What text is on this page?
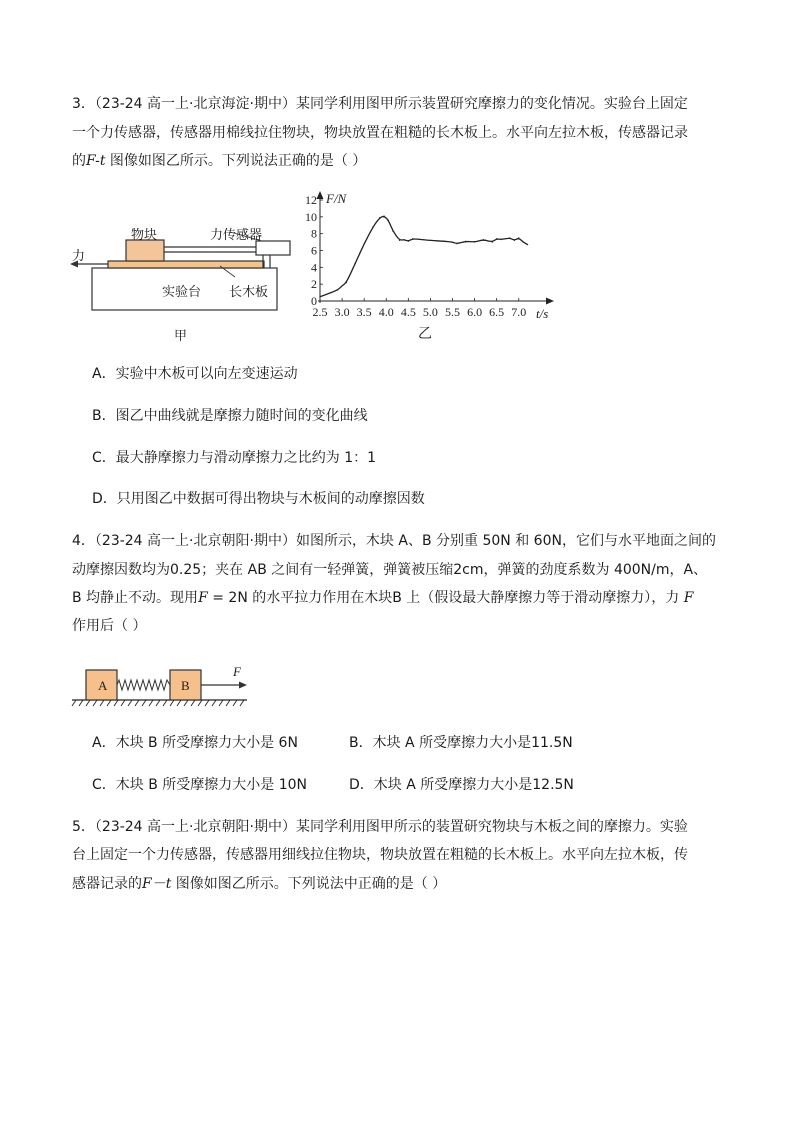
3．（23-24 高一上·北京海淀·期中）某同学利用图甲所示装置研究摩擦力的变化情况。实验台上固定
一个力传感器，传感器用棉线拉住物块，物块放置在粗糙的长木板上。水平向左拉木板，传感器记录
的F-t 图像如图乙所示。下列说法正确的是（ ）
物块	力传感器
力
实验台 长木板
甲
F/N
t/s
2.5 3.0 3.5 4.0 4.5 5.0 5.5 6.0 6.5 7.0
0
2
4
6
8
10
12
乙
A．实验中木板可以向左变速运动
B．图乙中曲线就是摩擦力随时间的变化曲线
C．最大静摩擦力与滑动摩擦力之比约为 1：1
D．只用图乙中数据可得出物块与木板间的动摩擦因数
4．（23-24 高一上·北京朝阳·期中）如图所示，木块 A、B 分别重 50N 和 60N，它们与水平地面之间的
动摩擦因数均为0.25；夹在 AB 之间有一轻弹簧，弹簧被压缩2cm，弹簧的劲度系数为 400N/m，A、
B 均静止不动。现用F = 2N 的水平拉力作用在木块B 上（假设最大静摩擦力等于滑动摩擦力），力 F
作用后（ ）
A	B
F
A．木块 B 所受摩擦力大小是 6N	B．木块 A 所受摩擦力大小是11.5N
C．木块 B 所受摩擦力大小是 10N	D．木块 A 所受摩擦力大小是12.5N
5．（23-24 高一上·北京朝阳·期中）某同学利用图甲所示的装置研究物块与木板之间的摩擦力。实验
台上固定一个力传感器，传感器用细线拉住物块，物块放置在粗糙的长木板上。水平向左拉木板，传
感器记录的F－t 图像如图乙所示。下列说法中正确的是（ ）
